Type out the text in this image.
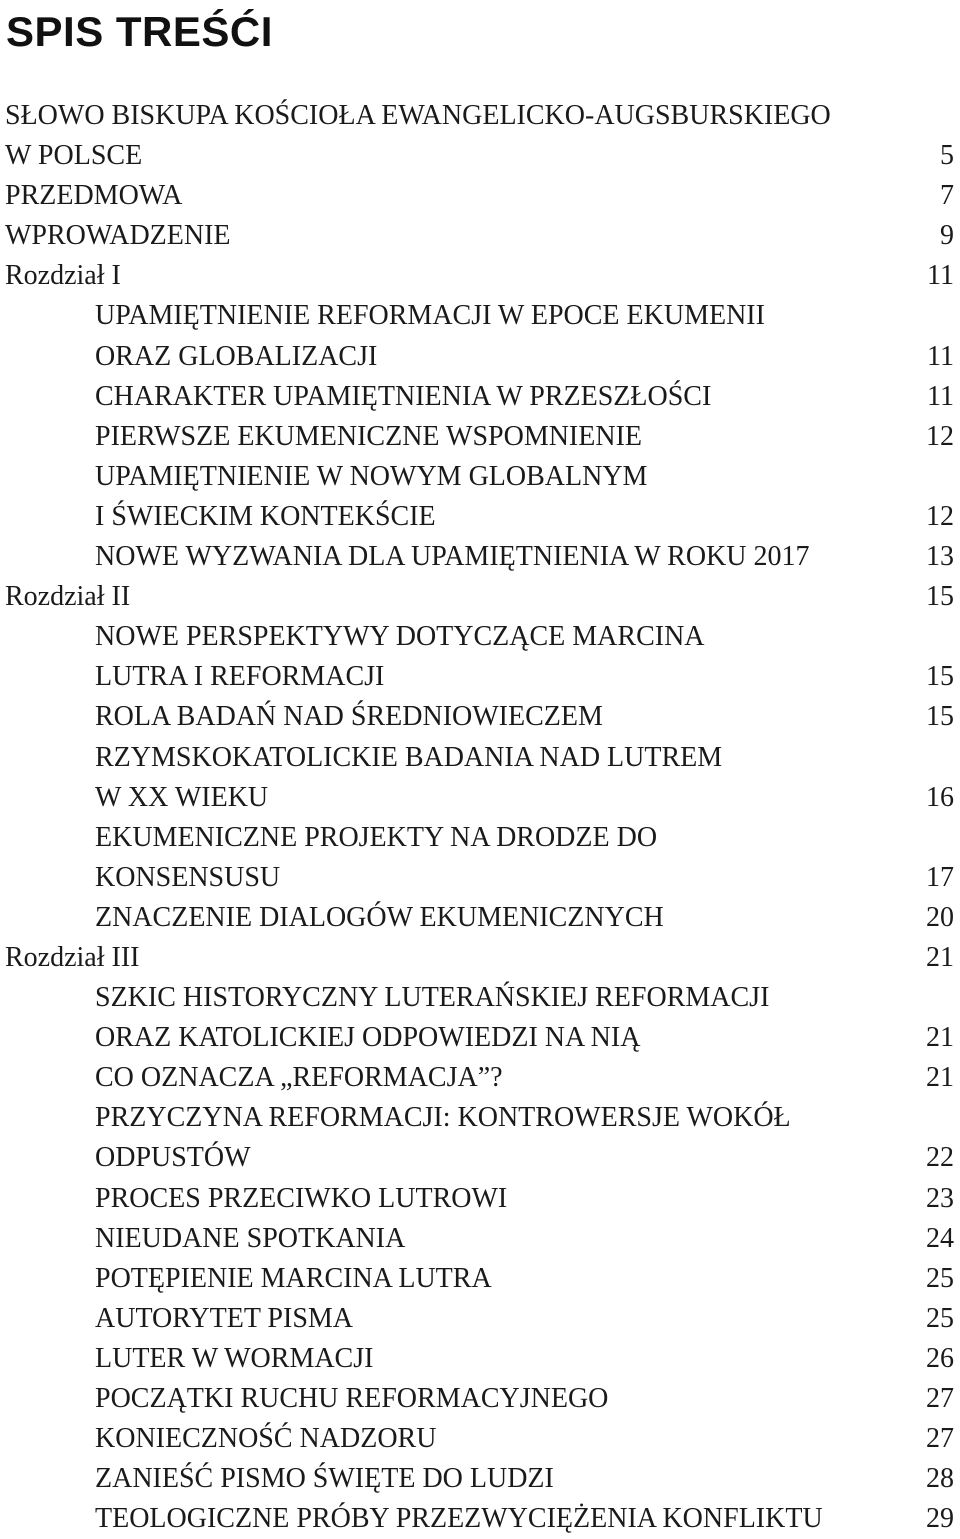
SPIS TREŚĆI
SŁOWO BISKUPA KOŚCIOŁA EWANGELICKO-AUGSBURSKIEGO
W POLSCE	5
PRZEDMOWA	7
WPROWADZENIE	9
Rozdział I	11
UPAMIĘTNIENIE REFORMACJI W EPOCE EKUMENII
ORAZ GLOBALIZACJI	11
CHARAKTER UPAMIĘTNIENIA W PRZESZŁOŚCI	11
PIERWSZE EKUMENICZNE WSPOMNIENIE	12
UPAMIĘTNIENIE W NOWYM GLOBALNYM
I ŚWIECKIM KONTEKŚCIE	12
NOWE WYZWANIA DLA UPAMIĘTNIENIA W ROKU 2017	13
Rozdział II	15
NOWE PERSPEKTYWY DOTYCZĄCE MARCINA
LUTRA I REFORMACJI	15
ROLA BADAŃ NAD ŚREDNIOWIECZEM	15
RZYMSKOKATOLICKIE BADANIA NAD LUTREM
W XX WIEKU	16
EKUMENICZNE PROJEKTY NA DRODZE DO
KONSENSUSU	17
ZNACZENIE DIALOGÓW EKUMENICZNYCH	20
Rozdział III	21
SZKIC HISTORYCZNY LUTERAŃSKIEJ REFORMACJI
ORAZ KATOLICKIEJ ODPOWIEDZI NA NIĄ	21
CO OZNACZA „REFORMACJA”?	21
PRZYCZYNA REFORMACJI: KONTROWERSJE WOKÓŁ
ODPUSTÓW	22
PROCES PRZECIWKO LUTROWI	23
NIEUDANE SPOTKANIA	24
POTĘPIENIE MARCINA LUTRA	25
AUTORYTET PISMA	25
LUTER W WORMACJI	26
POCZĄTKI RUCHU REFORMACYJNEGO	27
KONIECZNOŚĆ NADZORU	27
ZANIEŚĆ PISMO ŚWIĘTE DO LUDZI	28
TEOLOGICZNE PRÓBY PRZEZWYCIĘŻENIA KONFLIKTU	29
